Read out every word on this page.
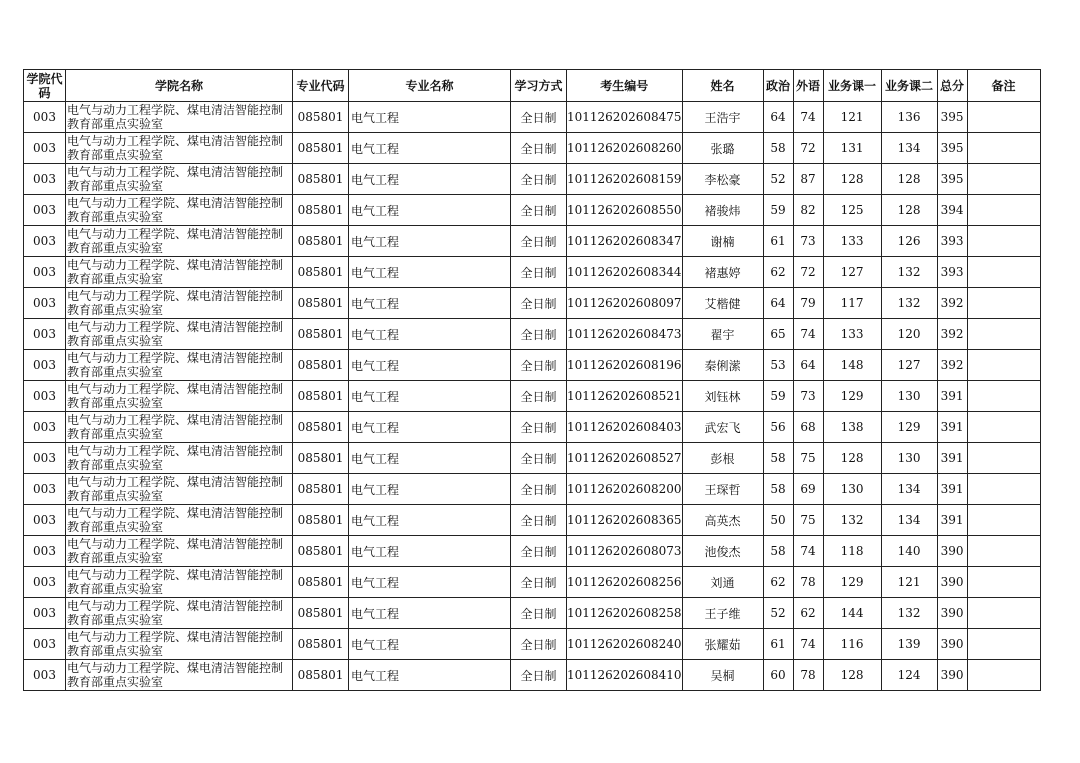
学院代码	学院名称	专业代码	专业名称	学习方式	考生编号	姓名	政治	外语	业务课一	业务课二	总分	备注
003	电气与动力工程学院、煤电清洁智能控制教育部重点实验室	085801	电气工程	全日制	101126202608475	王浩宇	64	74	121	136	395	
003	电气与动力工程学院、煤电清洁智能控制教育部重点实验室	085801	电气工程	全日制	101126202608260	张璐	58	72	131	134	395	
003	电气与动力工程学院、煤电清洁智能控制教育部重点实验室	085801	电气工程	全日制	101126202608159	李松豪	52	87	128	128	395	
003	电气与动力工程学院、煤电清洁智能控制教育部重点实验室	085801	电气工程	全日制	101126202608550	褚骏炜	59	82	125	128	394	
003	电气与动力工程学院、煤电清洁智能控制教育部重点实验室	085801	电气工程	全日制	101126202608347	谢楠	61	73	133	126	393	
003	电气与动力工程学院、煤电清洁智能控制教育部重点实验室	085801	电气工程	全日制	101126202608344	褚惠婷	62	72	127	132	393	
003	电气与动力工程学院、煤电清洁智能控制教育部重点实验室	085801	电气工程	全日制	101126202608097	艾楷健	64	79	117	132	392	
003	电气与动力工程学院、煤电清洁智能控制教育部重点实验室	085801	电气工程	全日制	101126202608473	翟宇	65	74	133	120	392	
003	电气与动力工程学院、煤电清洁智能控制教育部重点实验室	085801	电气工程	全日制	101126202608196	秦俐潆	53	64	148	127	392	
003	电气与动力工程学院、煤电清洁智能控制教育部重点实验室	085801	电气工程	全日制	101126202608521	刘钰林	59	73	129	130	391	
003	电气与动力工程学院、煤电清洁智能控制教育部重点实验室	085801	电气工程	全日制	101126202608403	武宏飞	56	68	138	129	391	
003	电气与动力工程学院、煤电清洁智能控制教育部重点实验室	085801	电气工程	全日制	101126202608527	彭根	58	75	128	130	391	
003	电气与动力工程学院、煤电清洁智能控制教育部重点实验室	085801	电气工程	全日制	101126202608200	王琛哲	58	69	130	134	391	
003	电气与动力工程学院、煤电清洁智能控制教育部重点实验室	085801	电气工程	全日制	101126202608365	高英杰	50	75	132	134	391	
003	电气与动力工程学院、煤电清洁智能控制教育部重点实验室	085801	电气工程	全日制	101126202608073	池俊杰	58	74	118	140	390	
003	电气与动力工程学院、煤电清洁智能控制教育部重点实验室	085801	电气工程	全日制	101126202608256	刘通	62	78	129	121	390	
003	电气与动力工程学院、煤电清洁智能控制教育部重点实验室	085801	电气工程	全日制	101126202608258	王子维	52	62	144	132	390	
003	电气与动力工程学院、煤电清洁智能控制教育部重点实验室	085801	电气工程	全日制	101126202608240	张耀茹	61	74	116	139	390	
003	电气与动力工程学院、煤电清洁智能控制教育部重点实验室	085801	电气工程	全日制	101126202608410	吴桐	60	78	128	124	390	
